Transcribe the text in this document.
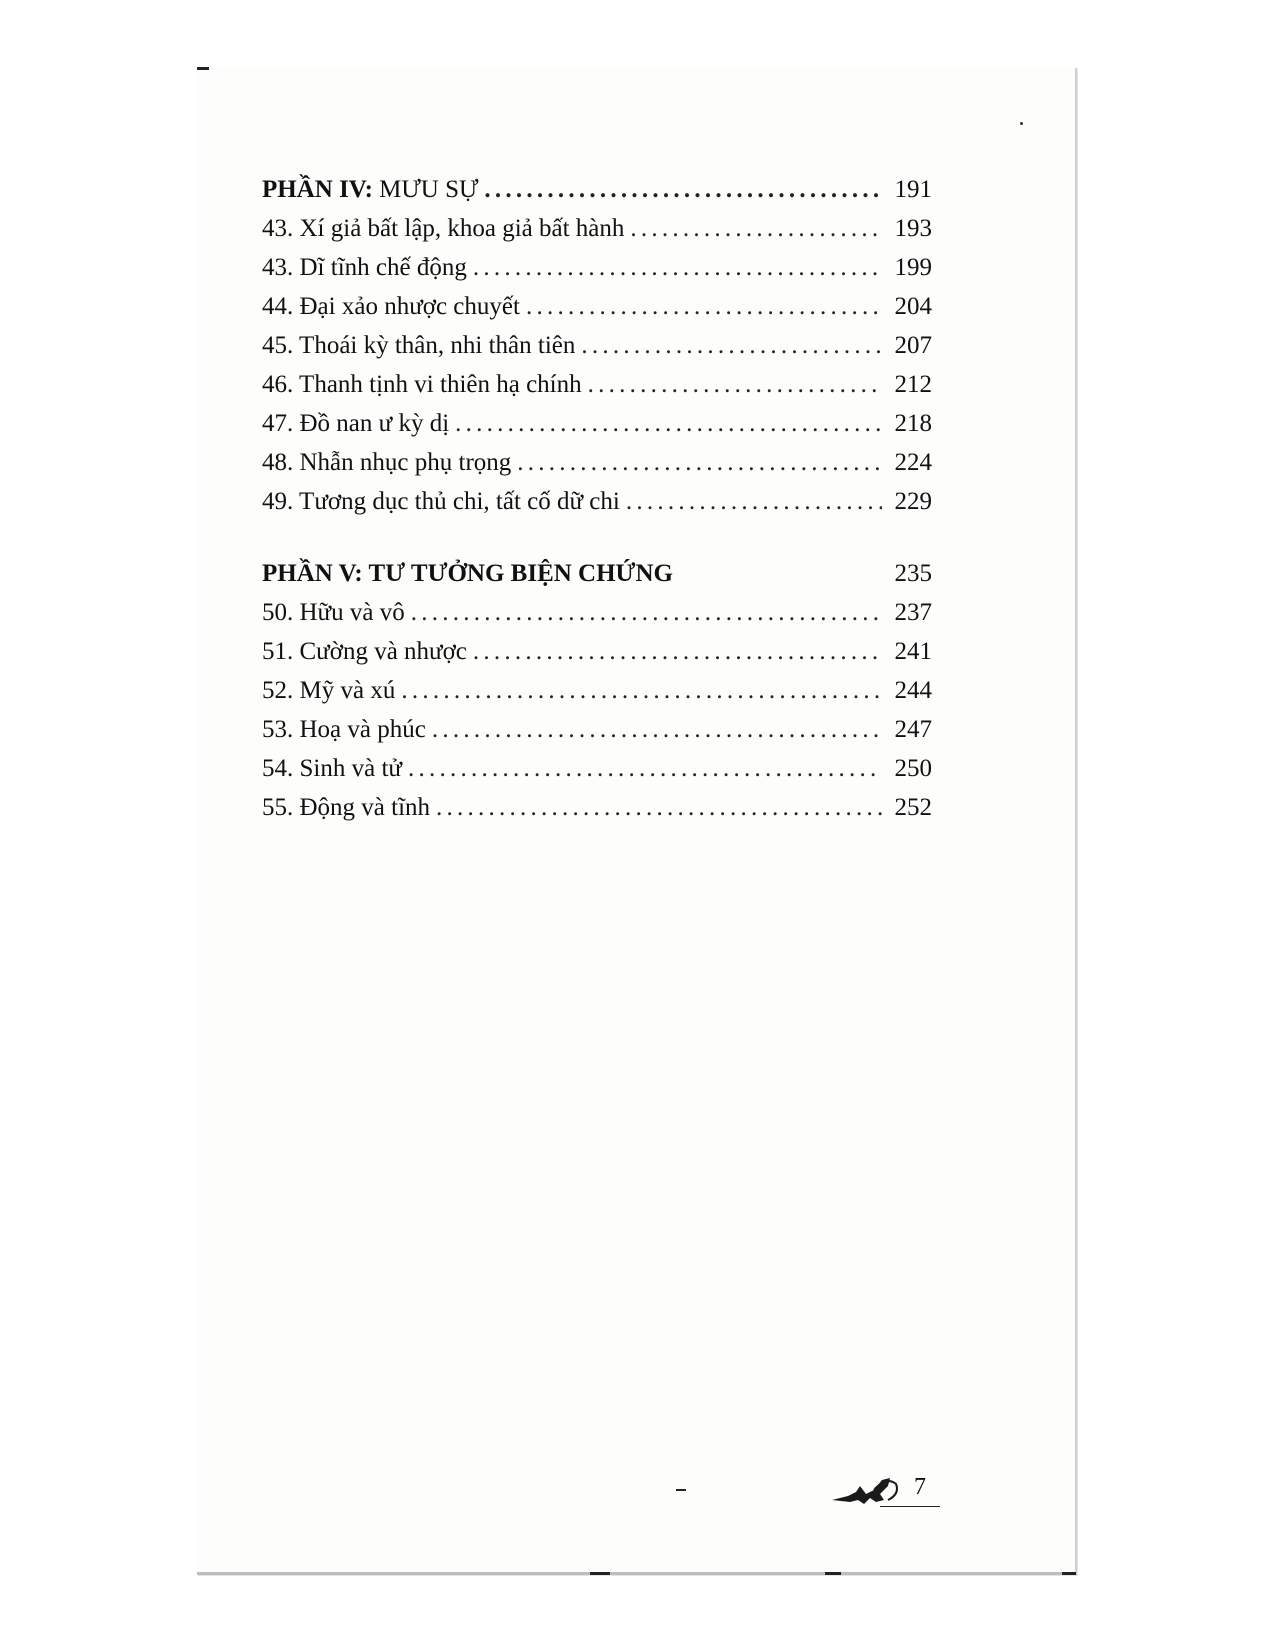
PHẦN IV: MƯU SỰ . . .	191
43. Xí giả bất lập, khoa giả bất hành . . .	193
43. Dĩ tĩnh chế động . . .	199
44. Đại xảo nhược chuyết . . .	204
45. Thoái kỳ thân, nhi thân tiên . . .	207
46. Thanh tịnh vi thiên hạ chính . . .	212
47. Đồ nan ư kỳ dị . . .	218
48. Nhẫn nhục phụ trọng . . .	224
49. Tương dục thủ chi, tất cố dữ chi . . .	229
PHẦN V: TƯ TƯỞNG BIỆN CHỨNG	235
50. Hữu và vô . . .	237
51. Cường và nhược . . .	241
52. Mỹ và xú . . .	244
53. Hoạ và phúc . . .	247
54. Sinh và tử . . .	250
55. Động và tĩnh . . .	252
7
